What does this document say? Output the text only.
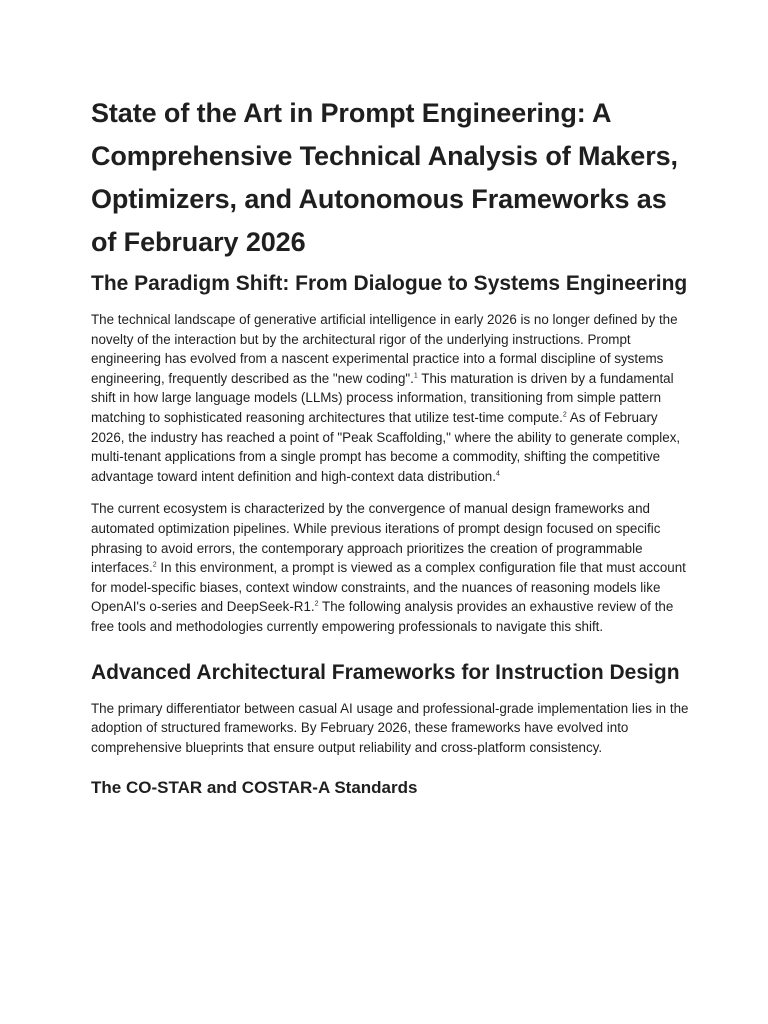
State of the Art in Prompt Engineering: A Comprehensive Technical Analysis of Makers, Optimizers, and Autonomous Frameworks as of February 2026
The Paradigm Shift: From Dialogue to Systems Engineering

The technical landscape of generative artificial intelligence in early 2026 is no longer defined by the novelty of the interaction but by the architectural rigor of the underlying instructions. Prompt engineering has evolved from a nascent experimental practice into a formal discipline of systems engineering, frequently described as the "new coding".$^1$ This maturation is driven by a fundamental shift in how large language models (LLMs) process information, transitioning from simple pattern matching to sophisticated reasoning architectures that utilize test-time compute.$^2$ As of February 2026, the industry has reached a point of "Peak Scaffolding," where the ability to generate complex, multi-tenant applications from a single prompt has become a commodity, shifting the competitive advantage toward intent definition and high-context data distribution.$^4$

The current ecosystem is characterized by the convergence of manual design frameworks and automated optimization pipelines. While previous iterations of prompt design focused on specific phrasing to avoid errors, the contemporary approach prioritizes the creation of programmable interfaces.$^2$ In this environment, a prompt is viewed as a complex configuration file that must account for model-specific biases, context window constraints, and the nuances of reasoning models like OpenAI's o-series and DeepSeek-R1.$^2$ The following analysis provides an exhaustive review of the free tools and methodologies currently empowering professionals to navigate this shift.

Advanced Architectural Frameworks for Instruction Design

The primary differentiator between casual AI usage and professional-grade implementation lies in the adoption of structured frameworks. By February 2026, these frameworks have evolved into comprehensive blueprints that ensure output reliability and cross-platform consistency.

The CO-STAR and COSTAR-A Standards
